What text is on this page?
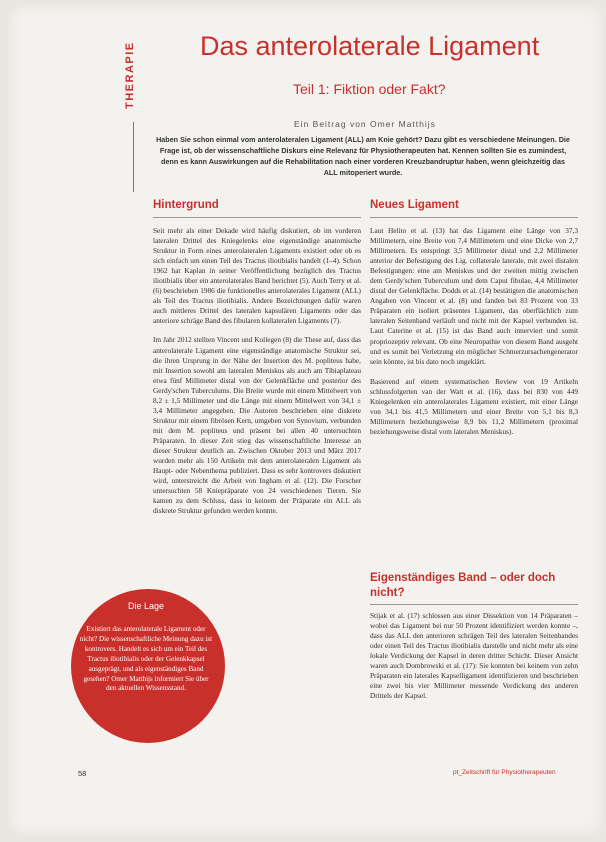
THERAPIE Das anterolaterale Ligament
Teil 1: Fiktion oder Fakt?
Ein Beitrag von Omer Matthijs
Haben Sie schon einmal vom anterolateralen Ligament (ALL) am Knie gehört? Dazu gibt es verschiedene Meinungen. Die Frage ist, ob der wissenschaftliche Diskurs eine Relevanz für Physiotherapeuten hat. Kennen sollten Sie es zumindest, denn es kann Auswirkungen auf die Rehabilitation nach einer vorderen Kreuzbandruptur haben, wenn gleichzeitig das ALL mitoperiert wurde.
Hintergrund

Seit mehr als einer Dekade wird häufig diskutiert, ob im vorderen lateralen Drittel des Kniegelenks eine eigenständige anatomische Struktur in Form eines anterolateralen Ligaments existiert oder ob es sich einfach um einen Teil des Tractus iliotibialis handelt (1–4). Schon 1962 hat Kaplan in seiner Veröffentlichung bezüglich des Tractus iliotibialis über ein anterolaterales Band berichtet (5). Auch Terry et al. (6) beschrieben 1986 die funktionelles anterolaterales Ligament (ALL) als Teil des Tractus iliotibialis. Andere Bezeichnungen dafür waren auch mittleres Drittel des lateralen kapsulären Ligaments oder das anteriore schräge Band des fibularen kollateralen Ligaments (7).

Im Jahr 2012 stellten Vincent und Kollegen (8) die These auf, dass das anterolaterale Ligament eine eigenständige anatomische Struktur sei, die ihren Ursprung in der Nähe der Insertion des M. popliteus habe, mit Insertion sowohl am lateralen Meniskus als auch am Tibiaplateau etwa fünf Millimeter distal von der Gelenkfläche und posterior des Gerdy'schen Tuberculums. Die Breite wurde mit einem Mittelwert von 8,2 ± 1,5 Millimeter und die Länge mit einem Mittelwert von 34,1 ± 3,4 Millimeter angegeben. Die Autoren beschrieben eine diskrete Struktur mit einem fibrösen Kern, umgeben von Synovium, verbunden mit dem M. popliteus und präsent bei allen 40 untersuchten Präparaten. In dieser Zeit stieg das wissenschaftliche Interesse an dieser Struktur deutlich an. Zwischen Oktober 2013 und März 2017 wurden mehr als 150 Artikeln mit dem anterolateralen Ligament als Haupt- oder Nebenthema publiziert. Dass es sehr kontrovers diskutiert wird, unterstreicht die Arbeit von Ingham et al. (12). Die Forscher untersuchten 58 Kniepräparate von 24 verschiedenen Tieren. Sie kamen zu dem Schluss, dass in keinem der Präparate ein ALL als diskrete Struktur gefunden werden konnte.

Neues Ligament

Laut Helito et al. (13) hat das Ligament eine Länge von 37,3 Millimetern, eine Breite von 7,4 Millimetern und eine Dicke von 2,7 Millimetern. Es entspringt 3,5 Millimeter distal und 2,2 Millimeter anterior der Befestigung des Lig. collaterale laterale, mit zwei distalen Befestigungen: eine am Meniskus und der zweiten mittig zwischen dem Gerdy'schen Tuberculum und dem Caput fibulae, 4,4 Millimeter distal der Gelenkfläche. Dodds et al. (14) bestätigten die anatomischen Angaben von Vincent et al. (8) und fanden bei 83 Prozent von 33 Präparaten ein isoliert präsentes Ligament, das oberflächlich zum lateralen Seitenband verläuft und nicht mit der Kapsel verbunden ist. Laut Caterine et al. (15) ist das Band auch innerviert und somit propriozeptiv relevant. Ob eine Neuropathie von diesem Band ausgeht und es somit bei Verletzung ein möglicher Schmerzursachengenerator sein könnte, ist bis dato noch ungeklärt.

Basierend auf einem systematischen Review von 19 Artikeln schlussfolgerten van der Watt et al. (16), dass bei 830 von 449 Kniegelenken ein anterolaterales Ligament existiert, mit einer Länge von 34,1 bis 41,5 Millimetern und einer Breite von 5,1 bis 8,3 Millimetern beziehungsweise 8,9 bis 11,2 Millimetern (proximal beziehungsweise distal vom lateralen Meniskus).

Eigenständiges Band – oder doch nicht?

Stijak et al. (17) schlossen aus einer Dissektion von 14 Präparaten – wobei das Ligament bei nur 50 Prozent identifiziert werden konnte –, dass das ALL den anterioren schrägen Teil des lateralen Seitenbandes oder einen Teil des Tractus iliotibialis darstelle und nicht mehr als eine lokale Verdickung der Kapsel in deren dritter Schicht. Dieser Ansicht waren auch Dombrowski et al. (17): Sie konnten bei keinem von zehn Präparaten ein laterales Kapselligament identifizieren und beschrieben eine zwei bis vier Millimeter messende Verdickung des anderen Drittels der Kapsel.

Die Lage
Existiert das anterolaterale Ligament oder nicht? Die wissenschaftliche Meinung dazu ist kontrovers. Handelt es sich um ein Teil des Tractus iliotibialis oder der Gelenkkapsel ausgeprägt, und als eigenständiges Band gesehen? Omer Matthijs informiert Sie über den aktuellen Wissensstand.
58	pt_Zeitschrift für Physiotherapeuten
